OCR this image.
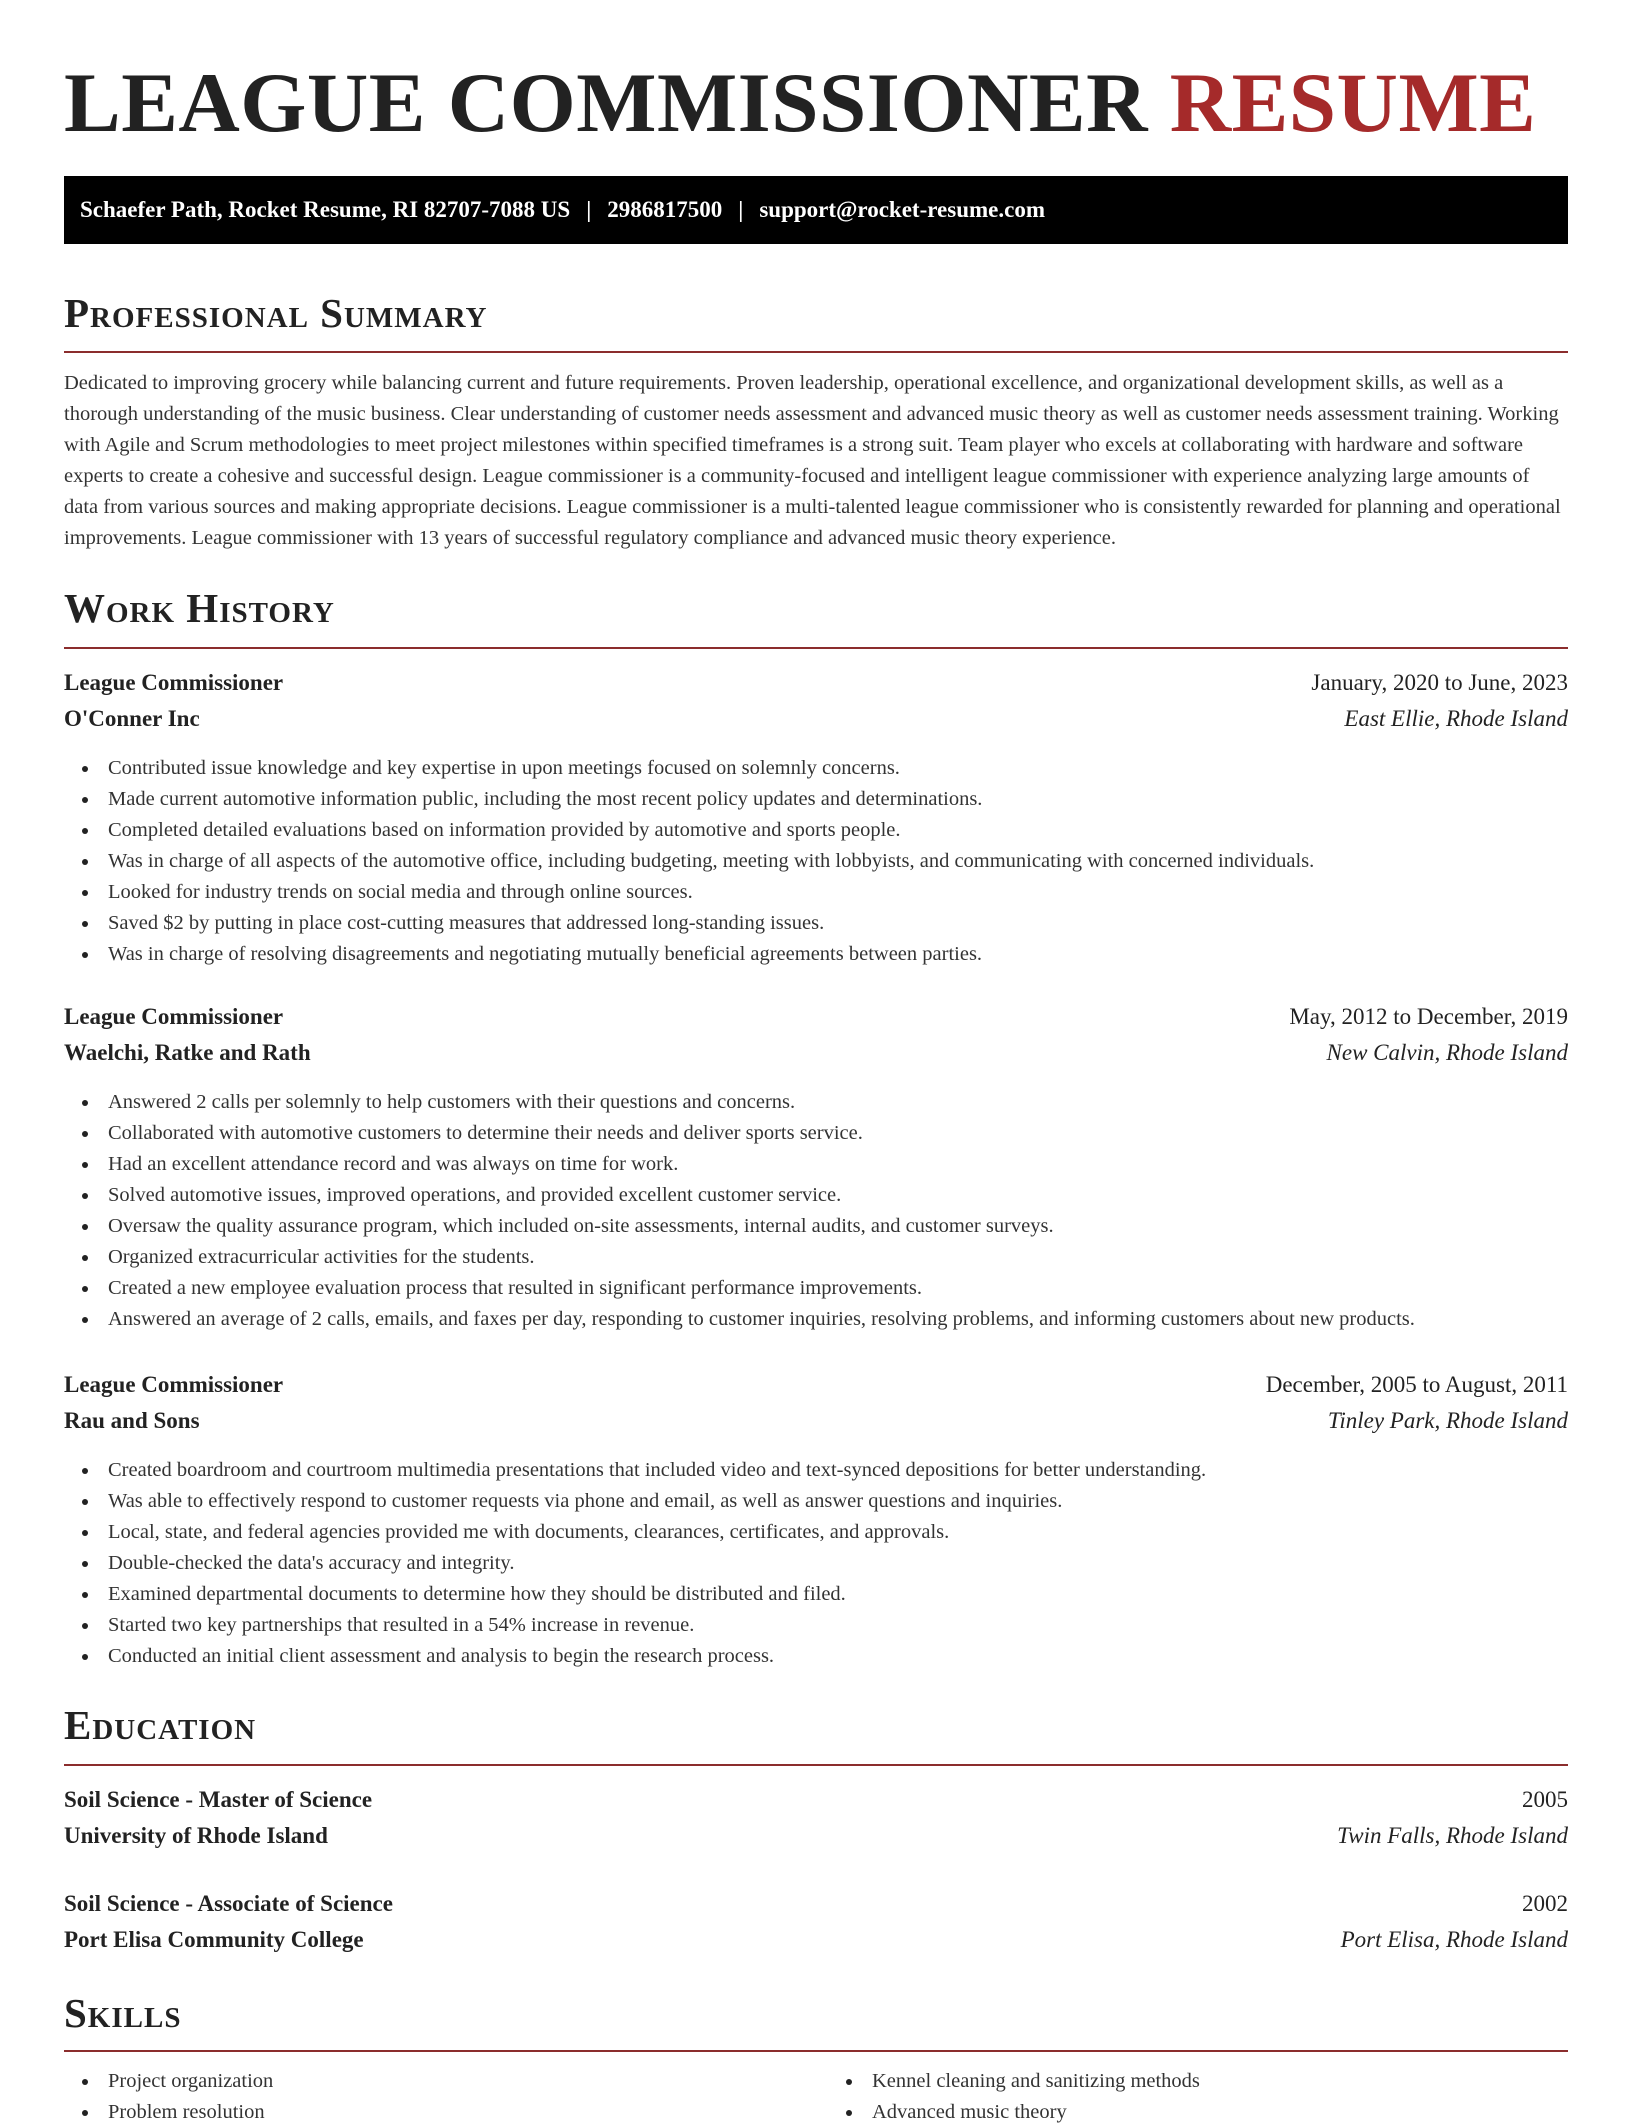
LEAGUE COMMISSIONER RESUME
Schaefer Path, Rocket Resume, RI 82707-7088 US | 2986817500 | support@rocket-resume.com
Professional Summary

Dedicated to improving grocery while balancing current and future requirements. Proven leadership, operational excellence, and organizational development skills, as well as a thorough understanding of the music business. Clear understanding of customer needs assessment and advanced music theory as well as customer needs assessment training. Working with Agile and Scrum methodologies to meet project milestones within specified timeframes is a strong suit. Team player who excels at collaborating with hardware and software experts to create a cohesive and successful design. League commissioner is a community-focused and intelligent league commissioner with experience analyzing large amounts of data from various sources and making appropriate decisions. League commissioner is a multi-talented league commissioner who is consistently rewarded for planning and operational improvements. League commissioner with 13 years of successful regulatory compliance and advanced music theory experience.

Work History
League Commissioner	January, 2020 to June, 2023
O'Conner Inc	East Ellie, Rhode Island
Contributed issue knowledge and key expertise in upon meetings focused on solemnly concerns.
Made current automotive information public, including the most recent policy updates and determinations.
Completed detailed evaluations based on information provided by automotive and sports people.
Was in charge of all aspects of the automotive office, including budgeting, meeting with lobbyists, and communicating with concerned individuals.
Looked for industry trends on social media and through online sources.
Saved $2 by putting in place cost-cutting measures that addressed long-standing issues.
Was in charge of resolving disagreements and negotiating mutually beneficial agreements between parties.
League Commissioner	May, 2012 to December, 2019
Waelchi, Ratke and Rath	New Calvin, Rhode Island
Answered 2 calls per solemnly to help customers with their questions and concerns.
Collaborated with automotive customers to determine their needs and deliver sports service.
Had an excellent attendance record and was always on time for work.
Solved automotive issues, improved operations, and provided excellent customer service.
Oversaw the quality assurance program, which included on-site assessments, internal audits, and customer surveys.
Organized extracurricular activities for the students.
Created a new employee evaluation process that resulted in significant performance improvements.
Answered an average of 2 calls, emails, and faxes per day, responding to customer inquiries, resolving problems, and informing customers about new products.
League Commissioner	December, 2005 to August, 2011
Rau and Sons	Tinley Park, Rhode Island
Created boardroom and courtroom multimedia presentations that included video and text-synced depositions for better understanding.
Was able to effectively respond to customer requests via phone and email, as well as answer questions and inquiries.
Local, state, and federal agencies provided me with documents, clearances, certificates, and approvals.
Double-checked the data's accuracy and integrity.
Examined departmental documents to determine how they should be distributed and filed.
Started two key partnerships that resulted in a 54% increase in revenue.
Conducted an initial client assessment and analysis to begin the research process.
Education
Soil Science - Master of Science	2005
University of Rhode Island	Twin Falls, Rhode Island
Soil Science - Associate of Science	2002
Port Elisa Community College	Port Elisa, Rhode Island
Skills
Project organization	Kennel cleaning and sanitizing methods
Problem resolution	Advanced music theory
